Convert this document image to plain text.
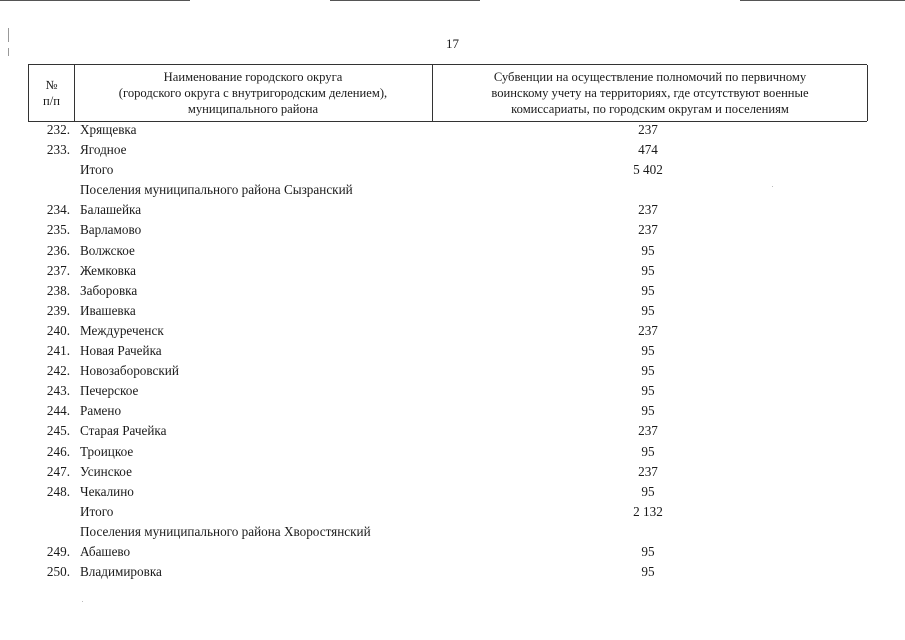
17
№
п/п
Наименование городского округа
(городского округа с внутригородским делением),
муниципального района
Субвенции на осуществление полномочий по первичному
воинскому учету на территориях, где отсутствуют военные
комиссариаты, по городским округам и поселениям
232. Хрящевка	237
233. Ягодное	474
Итого	5 402
Поселения муниципального района Сызранский
234. Балашейка	237
235. Варламово	237
236. Волжское	95
237. Жемковка	95
238. Заборовка	95
239. Ивашевка	95
240. Междуреченск	237
241. Новая Рачейка	95
242. Новозаборовский	95
243. Печерское	95
244. Рамено	95
245. Старая Рачейка	237
246. Троицкое	95
247. Усинское	237
248. Чекалино	95
Итого	2 132
Поселения муниципального района Хворостянский
249. Абашево	95
250. Владимировка	95
